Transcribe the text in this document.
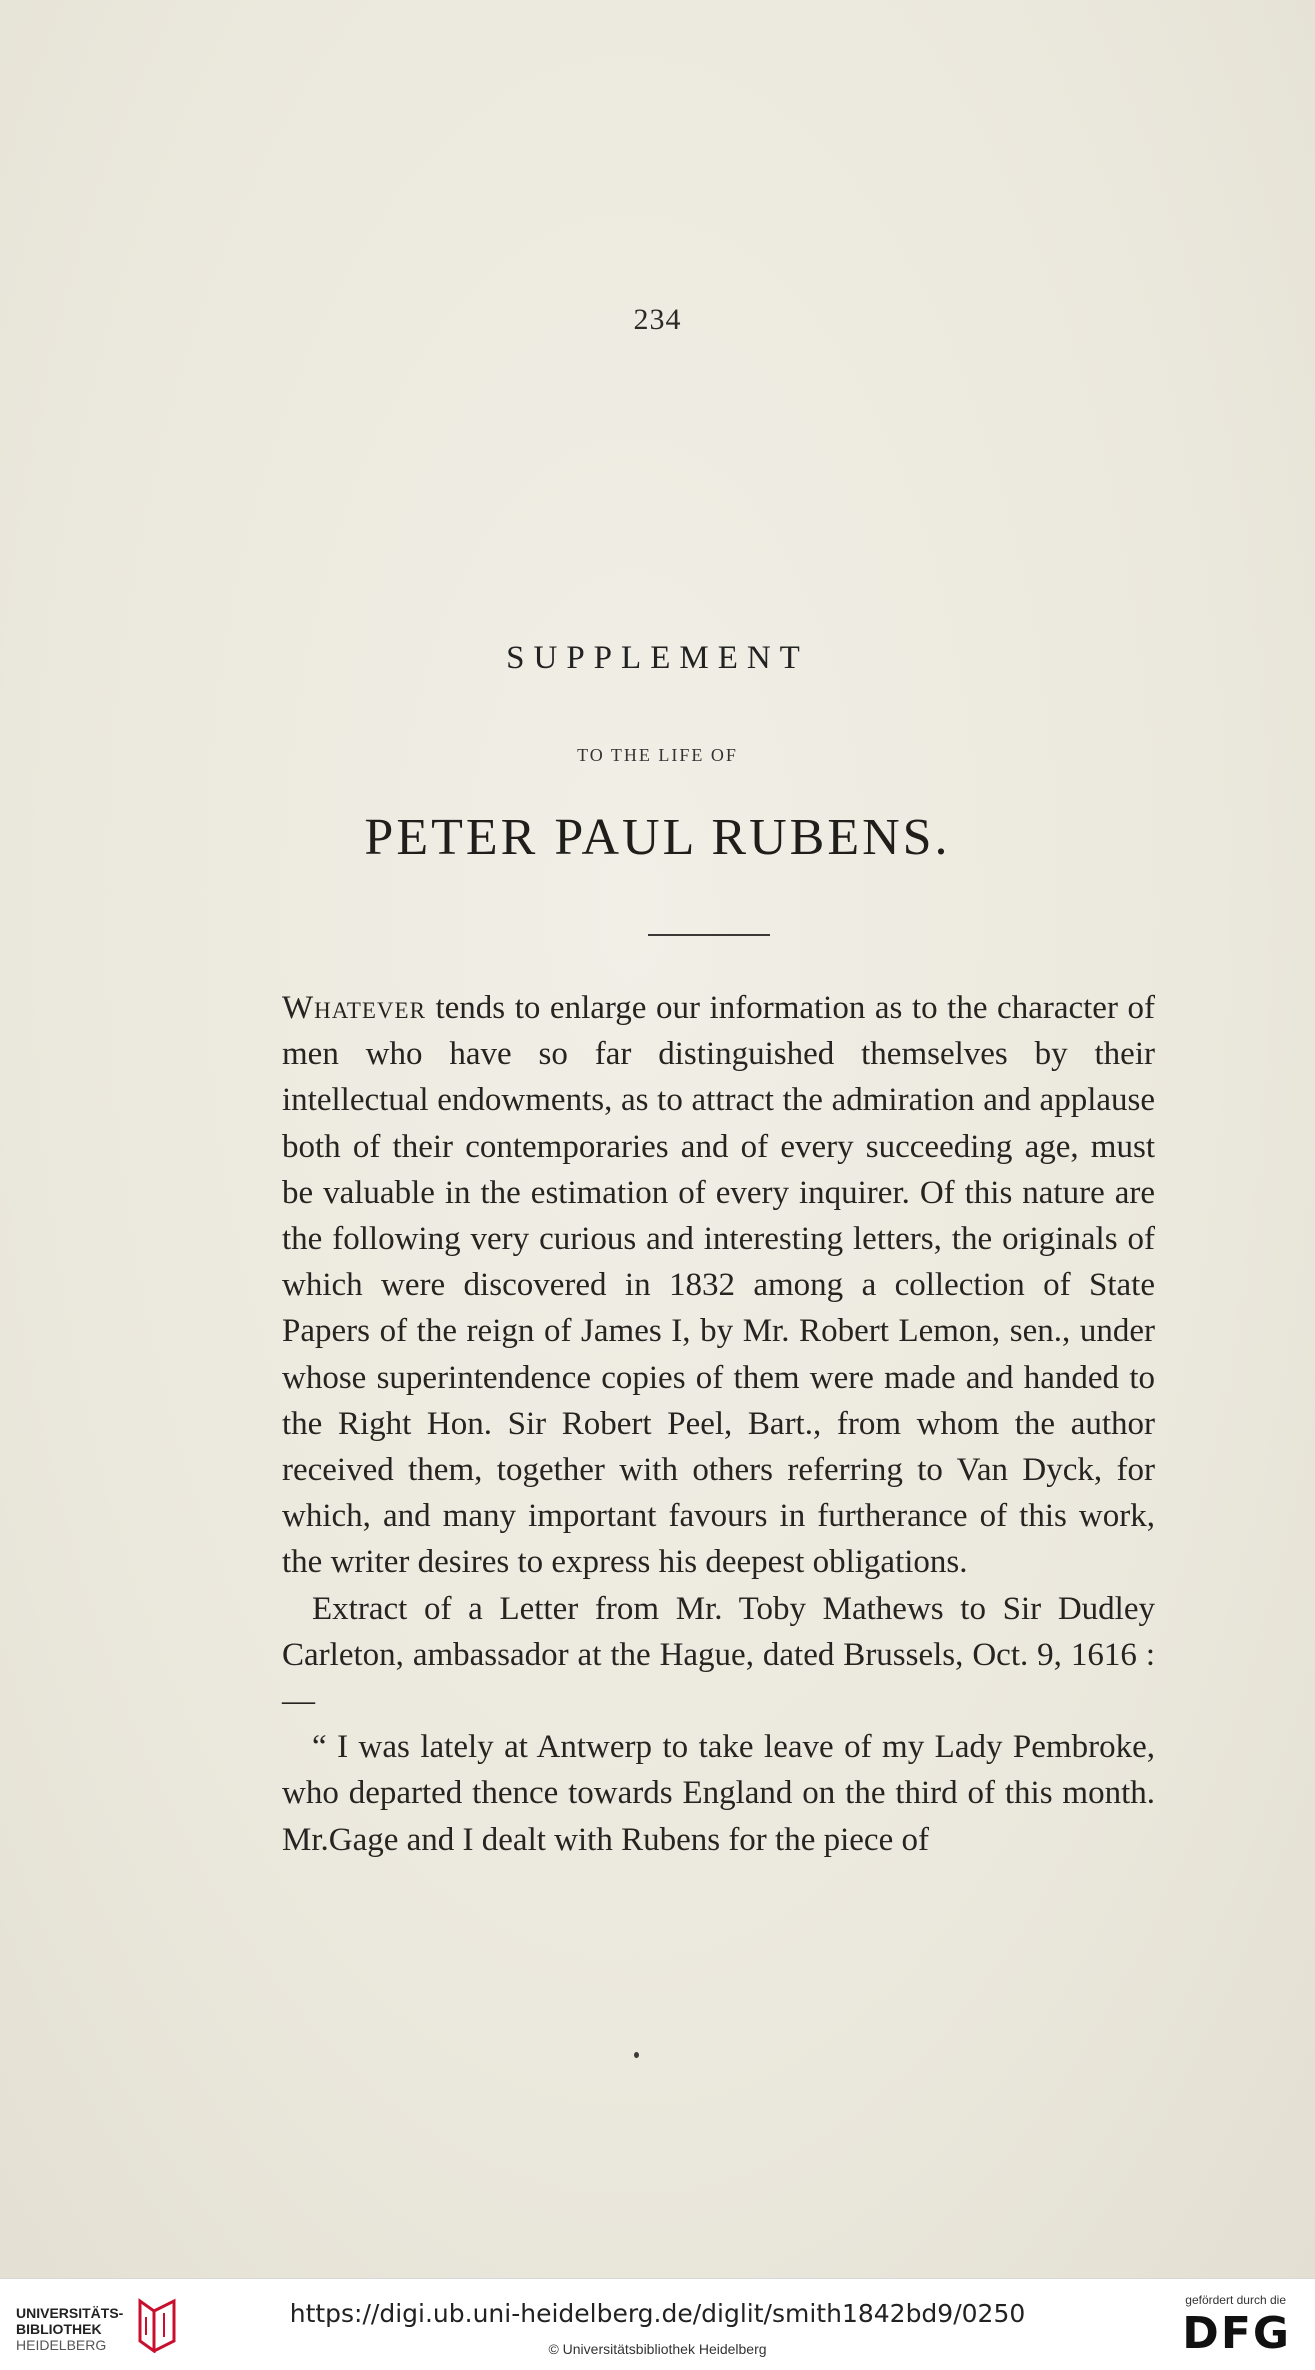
234
SUPPLEMENT
TO THE LIFE OF
PETER PAUL RUBENS.

Whatever tends to enlarge our information as to the character of men who have so far distinguished themselves by their intellectual endowments, as to attract the admiration and applause both of their contemporaries and of every succeeding age, must be valuable in the estimation of every inquirer. Of this nature are the following very curious and interesting letters, the originals of which were discovered in 1832 among a collection of State Papers of the reign of James I, by Mr. Robert Lemon, sen., under whose superintendence copies of them were made and handed to the Right Hon. Sir Robert Peel, Bart., from whom the author received them, together with others referring to Van Dyck, for which, and many important favours in furtherance of this work, the writer desires to express his deepest obligations.

Extract of a Letter from Mr. Toby Mathews to Sir Dudley Carleton, ambassador at the Hague, dated Brussels, Oct. 9, 1616 :—

“ I was lately at Antwerp to take leave of my Lady Pembroke, who departed thence towards England on the third of this month. Mr.Gage and I dealt with Rubens for the piece of

UNIVERSITÄTS-
BIBLIOTHEK
HEIDELBERG
https://digi.ub.uni-heidelberg.de/diglit/smith1842bd9/0250
© Universitätsbibliothek Heidelberg
gefördert durch die
DFG
